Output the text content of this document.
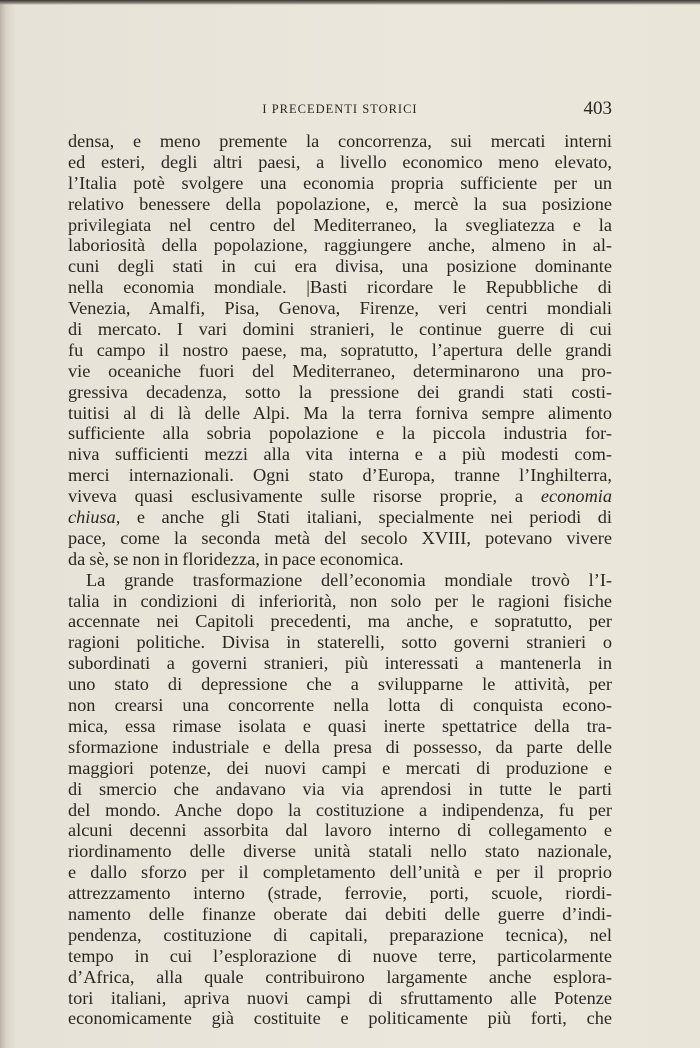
I PRECEDENTI STORICI	403
densa, e meno premente la concorrenza, sui mercati interni
ed esteri, degli altri paesi, a livello economico meno elevato,
l’Italia potè svolgere una economia propria sufficiente per un
relativo benessere della popolazione, e, mercè la sua posizione
privilegiata nel centro del Mediterraneo, la svegliatezza e la
laboriosità della popolazione, raggiungere anche, almeno in al-
cuni degli stati in cui era divisa, una posizione dominante
nella economia mondiale. |Basti ricordare le Repubbliche di
Venezia, Amalfi, Pisa, Genova, Firenze, veri centri mondiali
di mercato. I vari domini stranieri, le continue guerre di cui
fu campo il nostro paese, ma, sopratutto, l’apertura delle grandi
vie oceaniche fuori del Mediterraneo, determinarono una pro-
gressiva decadenza, sotto la pressione dei grandi stati costi-
tuitisi al di là delle Alpi. Ma la terra forniva sempre alimento
sufficiente alla sobria popolazione e la piccola industria for-
niva sufficienti mezzi alla vita interna e a più modesti com-
merci internazionali. Ogni stato d’Europa, tranne l’Inghilterra,
viveva quasi esclusivamente sulle risorse proprie, a economia
chiusa, e anche gli Stati italiani, specialmente nei periodi di
pace, come la seconda metà del secolo XVIII, potevano vivere
da sè, se non in floridezza, in pace economica.
La grande trasformazione dell’economia mondiale trovò l’I-
talia in condizioni di inferiorità, non solo per le ragioni fisiche
accennate nei Capitoli precedenti, ma anche, e sopratutto, per
ragioni politiche. Divisa in staterelli, sotto governi stranieri o
subordinati a governi stranieri, più interessati a mantenerla in
uno stato di depressione che a svilupparne le attività, per
non crearsi una concorrente nella lotta di conquista econo-
mica, essa rimase isolata e quasi inerte spettatrice della tra-
sformazione industriale e della presa di possesso, da parte delle
maggiori potenze, dei nuovi campi e mercati di produzione e
di smercio che andavano via via aprendosi in tutte le parti
del mondo. Anche dopo la costituzione a indipendenza, fu per
alcuni decenni assorbita dal lavoro interno di collegamento e
riordinamento delle diverse unità statali nello stato nazionale,
e dallo sforzo per il completamento dell’unità e per il proprio
attrezzamento interno (strade, ferrovie, porti, scuole, riordi-
namento delle finanze oberate dai debiti delle guerre d’indi-
pendenza, costituzione di capitali, preparazione tecnica), nel
tempo in cui l’esplorazione di nuove terre, particolarmente
d’Africa, alla quale contribuirono largamente anche esplora-
tori italiani, apriva nuovi campi di sfruttamento alle Potenze
economicamente già costituite e politicamente più forti, che
